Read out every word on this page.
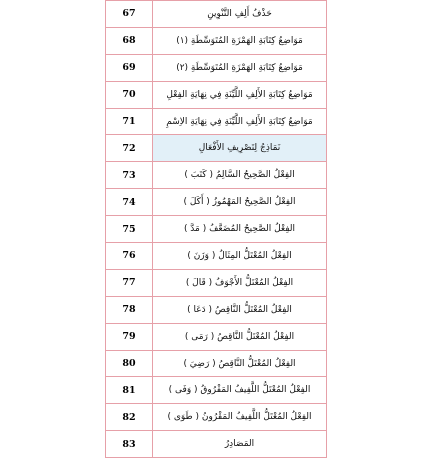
67	حَذْفُ أَلِفِ التَّنْوِينِ
68	مَوَاضِعُ كِتَابَةِ الهَمْزَةِ المُتَوَسِّطَةِ (١)
69	مَوَاضِعُ كِتَابَةِ الهَمْزَةِ المُتَوَسِّطَةِ (٢)
70	مَوَاضِعُ كِتَابَةِ الأَلِفِ اللَّيِّنَةِ فِي نِهَايَةِ الفِعْلِ
71	مَوَاضِعُ كِتَابَةِ الأَلِفِ اللَّيِّنَةِ فِي نِهَايَةِ الاِسْمِ
72	نَمَاذِجُ لِتَصْرِيفِ الأَفْعَالِ
73	الفِعْلُ الصَّحِيحُ السَّالِمُ ( كَتَبَ )
74	الفِعْلُ الصَّحِيحُ المَهْمُوزُ ( أَكَلَ )
75	الفِعْلُ الصَّحِيحُ المُضَعَّفُ ( مَدَّ )
76	الفِعْلُ المُعْتَلُّ المِثَالُ ( وَزَنَ )
77	الفِعْلُ المُعْتَلُّ الأَجْوَفُ ( قَالَ )
78	الفِعْلُ المُعْتَلُّ النَّاقِصُ ( دَعَا )
79	الفِعْلُ المُعْتَلُّ النَّاقِصُ ( رَمَى )
80	الفِعْلُ المُعْتَلُّ النَّاقِصُ ( رَضِيَ )
81	الفِعْلُ المُعْتَلُّ اللَّفِيفُ المَفْرُوقُ ( وَفَى )
82	الفِعْلُ المُعْتَلُّ اللَّفِيفُ المَقْرُونُ ( طَوَى )
83	المَصَادِرُ
